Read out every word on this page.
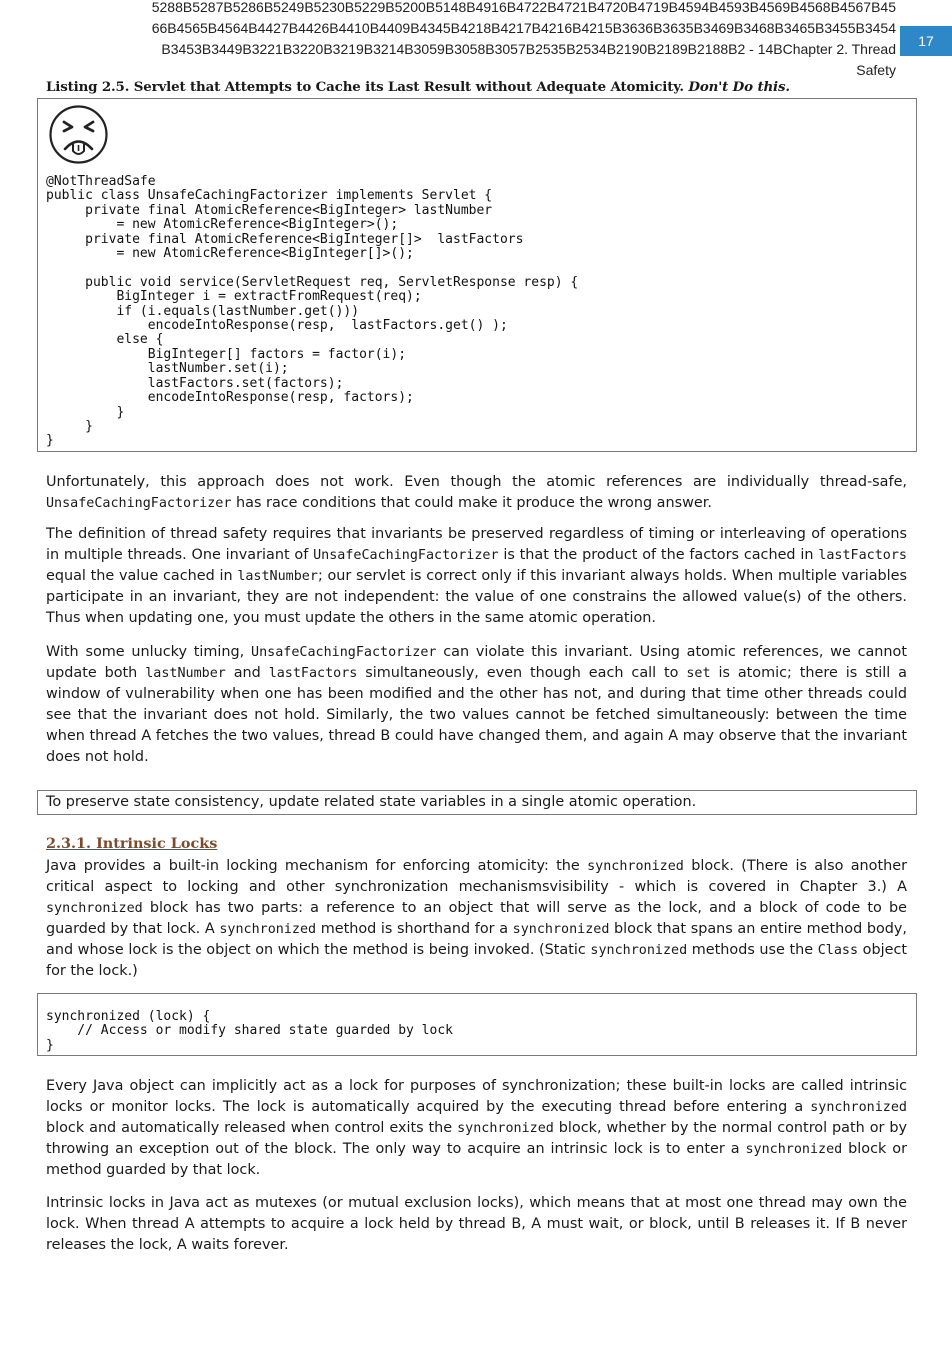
5288B5287B5286B5249B5230B5229B5200B5148B4916B4722B4721B4720B4719B4594B4593B4569B4568B4567B45
66B4565B4564B4427B4426B4410B4409B4345B4218B4217B4216B4215B3636B3635B3469B3468B3465B3455B3454
B3453B3449B3221B3220B3219B3214B3059B3058B3057B2535B2534B2190B2189B2188B2 - 14BChapter 2. Thread
Safety
17
Listing 2.5. Servlet that Attempts to Cache its Last Result without Adequate Atomicity. Don't Do this.
@NotThreadSafe
public class UnsafeCachingFactorizer implements Servlet {
private final AtomicReference<BigInteger> lastNumber
= new AtomicReference<BigInteger>();
private final AtomicReference<BigInteger[]>  lastFactors
= new AtomicReference<BigInteger[]>();

public void service(ServletRequest req, ServletResponse resp) {
BigInteger i = extractFromRequest(req);
if (i.equals(lastNumber.get()))
encodeIntoResponse(resp,  lastFactors.get() );
else {
BigInteger[] factors = factor(i);
lastNumber.set(i);
lastFactors.set(factors);
encodeIntoResponse(resp, factors);
}
}
}

Unfortunately, this approach does not work. Even though the atomic references are individually thread-safe, UnsafeCachingFactorizer has race conditions that could make it produce the wrong answer.

The definition of thread safety requires that invariants be preserved regardless of timing or interleaving of operations in multiple threads. One invariant of UnsafeCachingFactorizer is that the product of the factors cached in lastFactors equal the value cached in lastNumber; our servlet is correct only if this invariant always holds. When multiple variables participate in an invariant, they are not independent: the value of one constrains the allowed value(s) of the others. Thus when updating one, you must update the others in the same atomic operation.

With some unlucky timing, UnsafeCachingFactorizer can violate this invariant. Using atomic references, we cannot update both lastNumber and lastFactors simultaneously, even though each call to set is atomic; there is still a window of vulnerability when one has been modified and the other has not, and during that time other threads could see that the invariant does not hold. Similarly, the two values cannot be fetched simultaneously: between the time when thread A fetches the two values, thread B could have changed them, and again A may observe that the invariant does not hold.

To preserve state consistency, update related state variables in a single atomic operation.
2.3.1. Intrinsic Locks

Java provides a built-in locking mechanism for enforcing atomicity: the synchronized block. (There is also another critical aspect to locking and other synchronization mechanismsvisibility - which is covered in Chapter 3.) A synchronized block has two parts: a reference to an object that will serve as the lock, and a block of code to be guarded by that lock. A synchronized method is shorthand for a synchronized block that spans an entire method body, and whose lock is the object on which the method is being invoked. (Static synchronized methods use the Class object for the lock.)

synchronized (lock) {
// Access or modify shared state guarded by lock
}

Every Java object can implicitly act as a lock for purposes of synchronization; these built-in locks are called intrinsic locks or monitor locks. The lock is automatically acquired by the executing thread before entering a synchronized block and automatically released when control exits the synchronized block, whether by the normal control path or by throwing an exception out of the block. The only way to acquire an intrinsic lock is to enter a synchronized block or method guarded by that lock.

Intrinsic locks in Java act as mutexes (or mutual exclusion locks), which means that at most one thread may own the lock. When thread A attempts to acquire a lock held by thread B, A must wait, or block, until B releases it. If B never releases the lock, A waits forever.
